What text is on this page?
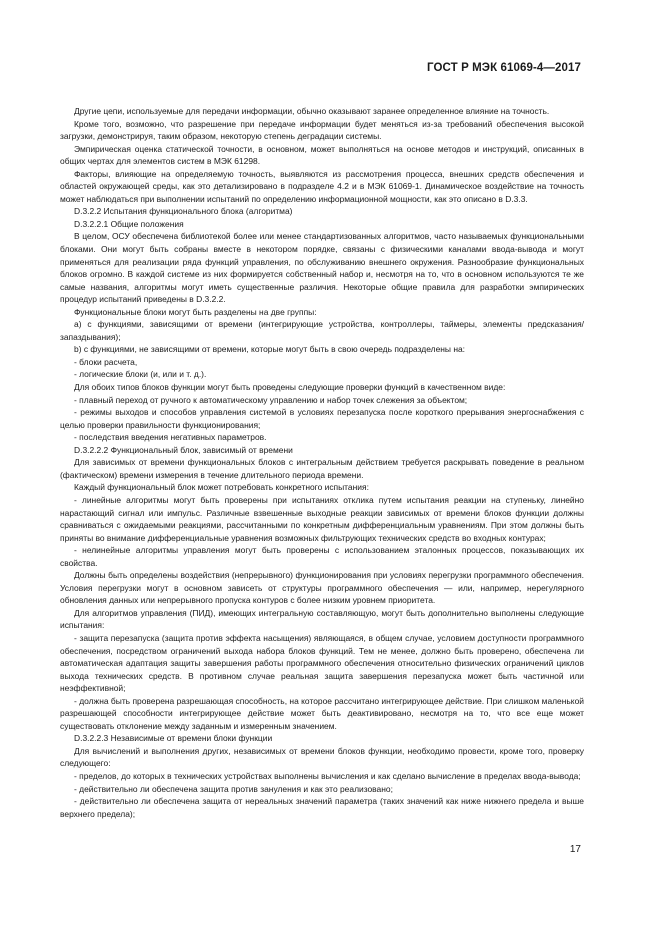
ГОСТ Р МЭК 61069-4—2017

Другие цепи, используемые для передачи информации, обычно оказывают заранее определенное влияние на точность.

Кроме того, возможно, что разрешение при передаче информации будет меняться из-за требований обеспечения высокой загрузки, демонстрируя, таким образом, некоторую степень деградации системы.

Эмпирическая оценка статической точности, в основном, может выполняться на основе методов и инструкций, описанных в общих чертах для элементов систем в МЭК 61298.

Факторы, влияющие на определяемую точность, выявляются из рассмотрения процесса, внешних средств обеспечения и областей окружающей среды, как это детализировано в подразделе 4.2 и в МЭК 61069-1. Динамическое воздействие на точность может наблюдаться при выполнении испытаний по определению информационной мощности, как это описано в D.3.3.

D.3.2.2 Испытания функционального блока (алгоритма)

D.3.2.2.1 Общие положения

В целом, ОСУ обеспечена библиотекой более или менее стандартизованных алгоритмов, часто называемых функциональными блоками. Они могут быть собраны вместе в некотором порядке, связаны с физическими каналами ввода-вывода и могут применяться для реализации ряда функций управления, по обслуживанию внешнего окружения. Разнообразие функциональных блоков огромно. В каждой системе из них формируется собственный набор и, несмотря на то, что в основном используются те же самые названия, алгоритмы могут иметь существенные различия. Некоторые общие правила для разработки эмпирических процедур испытаний приведены в D.3.2.2.

Функциональные блоки могут быть разделены на две группы:

a) с функциями, зависящими от времени (интегрирующие устройства, контроллеры, таймеры, элементы предсказания/запаздывания);

b) с функциями, не зависящими от времени, которые могут быть в свою очередь подразделены на:

- блоки расчета,

- логические блоки (и, или и т. д.).

Для обоих типов блоков функции могут быть проведены следующие проверки функций в качественном виде:

- плавный переход от ручного к автоматическому управлению и набор точек слежения за объектом;

- режимы выходов и способов управления системой в условиях перезапуска после короткого прерывания энергоснабжения с целью проверки правильности функционирования;

- последствия введения негативных параметров.

D.3.2.2.2 Функциональный блок, зависимый от времени

Для зависимых от времени функциональных блоков с интегральным действием требуется раскрывать поведение в реальном (фактическом) времени измерения в течение длительного периода времени.

Каждый функциональный блок может потребовать конкретного испытания:

- линейные алгоритмы могут быть проверены при испытаниях отклика путем испытания реакции на ступеньку, линейно нарастающий сигнал или импульс. Различные взвешенные выходные реакции зависимых от времени блоков функции должны сравниваться с ожидаемыми реакциями, рассчитанными по конкретным дифференциальным уравнениям. При этом должны быть приняты во внимание дифференциальные уравнения возможных фильтрующих технических средств во входных контурах;

- нелинейные алгоритмы управления могут быть проверены с использованием эталонных процессов, показывающих их свойства.

Должны быть определены воздействия (непрерывного) функционирования при условиях перегрузки программного обеспечения. Условия перегрузки могут в основном зависеть от структуры программного обеспечения — или, например, нерегулярного обновления данных или непрерывного пропуска контуров с более низким уровнем приоритета.

Для алгоритмов управления (ПИД), имеющих интегральную составляющую, могут быть дополнительно выполнены следующие испытания:

- защита перезапуска (защита против эффекта насыщения) являющаяся, в общем случае, условием доступности программного обеспечения, посредством ограничений выхода набора блоков функций. Тем не менее, должно быть проверено, обеспечена ли автоматическая адаптация защиты завершения работы программного обеспечения относительно физических ограничений циклов выхода технических средств. В противном случае реальная защита завершения перезапуска может быть частичной или неэффективной;

- должна быть проверена разрешающая способность, на которое рассчитано интегрирующее действие. При слишком маленькой разрешающей способности интегрирующее действие может быть деактивировано, несмотря на то, что все еще может существовать отклонение между заданным и измеренным значением.

D.3.2.2.3 Независимые от времени блоки функции

Для вычислений и выполнения других, независимых от времени блоков функции, необходимо провести, кроме того, проверку следующего:

- пределов, до которых в технических устройствах выполнены вычисления и как сделано вычисление в пределах ввода-вывода;

- действительно ли обеспечена защита против зануления и как это реализовано;

- действительно ли обеспечена защита от нереальных значений параметра (таких значений как ниже нижнего предела и выше верхнего предела);

17
